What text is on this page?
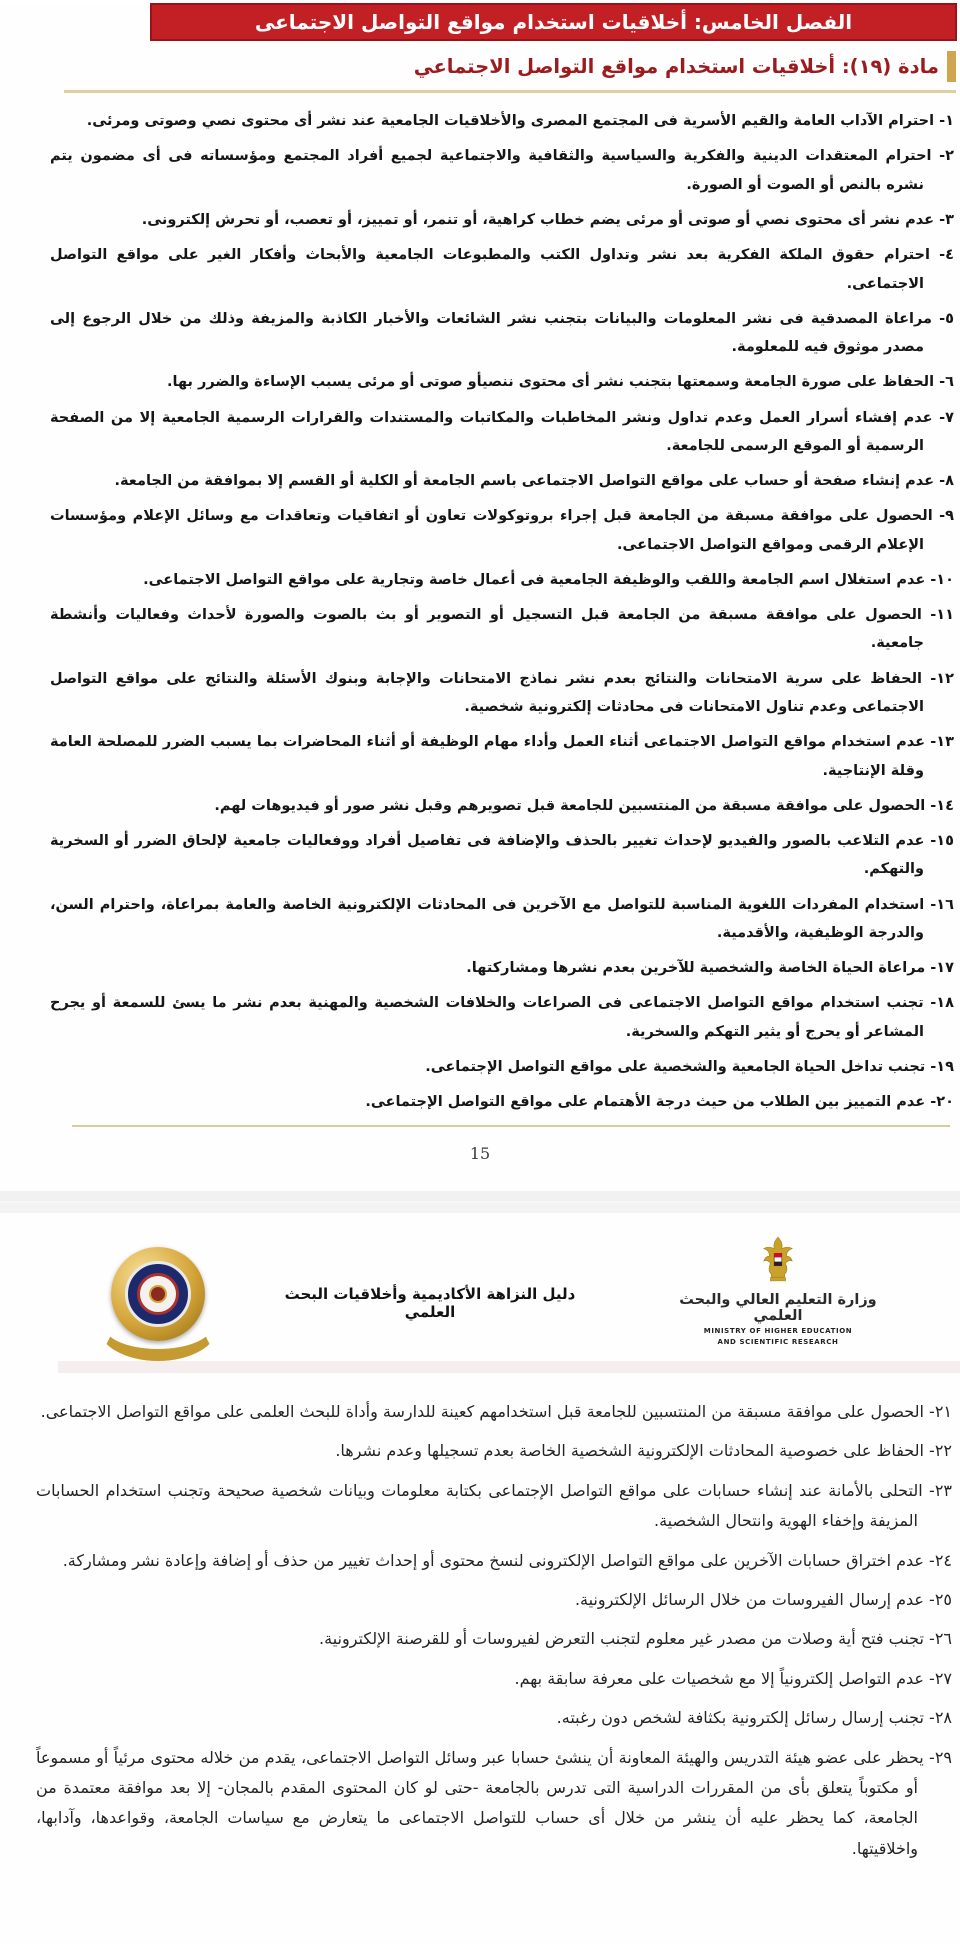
الفصل الخامس: أخلاقيات استخدام مواقع التواصل الاجتماعى
مادة (١٩): أخلاقيات استخدام مواقع التواصل الاجتماعي

١- احترام الآداب العامة والقيم الأسرية فى المجتمع المصرى والأخلاقيات الجامعية عند نشر أى محتوى نصي وصوتى ومرئى.

٢- احترام المعتقدات الدينية والفكرية والسياسية والثقافية والاجتماعية لجميع أفراد المجتمع ومؤسساته فى أى مضمون يتم نشره بالنص أو الصوت أو الصورة.

٣- عدم نشر أى محتوى نصي أو صوتى أو مرئى يضم خطاب كراهية، أو تنمر، أو تمييز، أو تعصب، أو تحرش إلكترونى.

٤- احترام حقوق الملكة الفكرية بعد نشر وتداول الكتب والمطبوعات الجامعية والأبحاث وأفكار الغير على مواقع التواصل الاجتماعى.

٥- مراعاة المصدقية فى نشر المعلومات والبيانات بتجنب نشر الشائعات والأخبار الكاذبة والمزيفة وذلك من خلال الرجوع إلى مصدر موثوق فيه للمعلومة.

٦- الحفاظ على صورة الجامعة وسمعتها بتجنب نشر أى محتوى ننصيأو صوتى أو مرئى يسبب الإساءة والضرر بها.

٧- عدم إفشاء أسرار العمل وعدم تداول ونشر المخاطبات والمكاتبات والمستندات والقرارات الرسمية الجامعية إلا من الصفحة الرسمية أو الموقع الرسمى للجامعة.

٨- عدم إنشاء صفحة أو حساب على مواقع التواصل الاجتماعى باسم الجامعة أو الكلية أو القسم إلا بموافقة من الجامعة.

٩- الحصول على موافقة مسبقة من الجامعة قبل إجراء بروتوكولات تعاون أو اتفاقيات وتعاقدات مع وسائل الإعلام ومؤسسات الإعلام الرقمى ومواقع التواصل الاجتماعى.

١٠- عدم استغلال اسم الجامعة واللقب والوظيفة الجامعية فى أعمال خاصة وتجارية على مواقع التواصل الاجتماعى.

١١- الحصول على موافقة مسبقة من الجامعة قبل التسجيل أو التصوير أو بث بالصوت والصورة لأحداث وفعاليات وأنشطة جامعية.

١٢- الحفاظ على سرية الامتحانات والنتائج بعدم نشر نماذج الامتحانات والإجابة وبنوك الأسئلة والنتائج على مواقع التواصل الاجتماعى وعدم تناول الامتحانات فى محادثات إلكترونية شخصية.

١٣- عدم استخدام مواقع التواصل الاجتماعى أثناء العمل وأداء مهام الوظيفة أو أثناء المحاضرات بما يسبب الضرر للمصلحة العامة وقلة الإنتاجية.

١٤- الحصول على موافقة مسبقة من المنتسبين للجامعة قبل تصويرهم وقبل نشر صور أو فيديوهات لهم.

١٥- عدم التلاعب بالصور والفيديو لإحداث تغيير بالحذف والإضافة فى تفاصيل أفراد ووفعاليات جامعية لإلحاق الضرر أو السخرية والتهكم.

١٦- استخدام المفردات اللغوية المناسبة للتواصل مع الآخرين فى المحادثات الإلكترونية الخاصة والعامة بمراعاة، واحترام السن، والدرجة الوظيفية، والأقدمية.

١٧- مراعاة الحياة الخاصة والشخصية للآخرين بعدم نشرها ومشاركتها.

١٨- تجنب استخدام مواقع التواصل الاجتماعى فى الصراعات والخلافات الشخصية والمهنية بعدم نشر ما يسئ للسمعة أو يجرح المشاعر أو يحرج أو يثير التهكم والسخرية.

١٩- تجنب تداخل الحياة الجامعية والشخصية على مواقع التواصل الإجتماعى.

٢٠- عدم التمييز بين الطلاب من حيث درجة الأهتمام على مواقع التواصل الإجتماعى.

15
دليل النزاهة الأكاديمية وأخلاقيات البحث العلمي
وزارة التعليم العالي والبحث العلمي
MINISTRY OF HIGHER EDUCATION
AND SCIENTIFIC RESEARCH

٢١- الحصول على موافقة مسبقة من المنتسبين للجامعة قبل استخدامهم كعينة للدارسة وأداة للبحث العلمى على مواقع التواصل الاجتماعى.

٢٢- الحفاظ على خصوصية المحادثات الإلكترونية الشخصية الخاصة بعدم تسجيلها وعدم نشرها.

٢٣- التحلى بالأمانة عند إنشاء حسابات على مواقع التواصل الإجتماعى بكتابة معلومات وبيانات شخصية صحيحة وتجنب استخدام الحسابات المزيفة وإخفاء الهوية وانتحال الشخصية.

٢٤- عدم اختراق حسابات الآخرين على مواقع التواصل الإلكترونى لنسخ محتوى أو إحداث تغيير من حذف أو إضافة وإعادة نشر ومشاركة.

٢٥- عدم إرسال الفيروسات من خلال الرسائل الإلكترونية.

٢٦- تجنب فتح أية وصلات من مصدر غير معلوم لتجنب التعرض لفيروسات أو للقرصنة الإلكترونية.

٢٧- عدم التواصل إلكترونياً إلا مع شخصيات على معرفة سابقة بهم.

٢٨- تجنب إرسال رسائل إلكترونية بكثافة لشخص دون رغبته.

٢٩- يحظر على عضو هيئة التدريس والهيئة المعاونة أن ينشئ حسابا عبر وسائل التواصل الاجتماعى، يقدم من خلاله محتوى مرئياً أو مسموعاً أو مكتوباً يتعلق بأى من المقررات الدراسية التى تدرس بالجامعة -حتى لو كان المحتوى المقدم بالمجان- إلا بعد موافقة معتمدة من الجامعة، كما يحظر عليه أن ينشر من خلال أى حساب للتواصل الاجتماعى ما يتعارض مع سياسات الجامعة، وقواعدها، وآدابها، واخلاقيتها.
